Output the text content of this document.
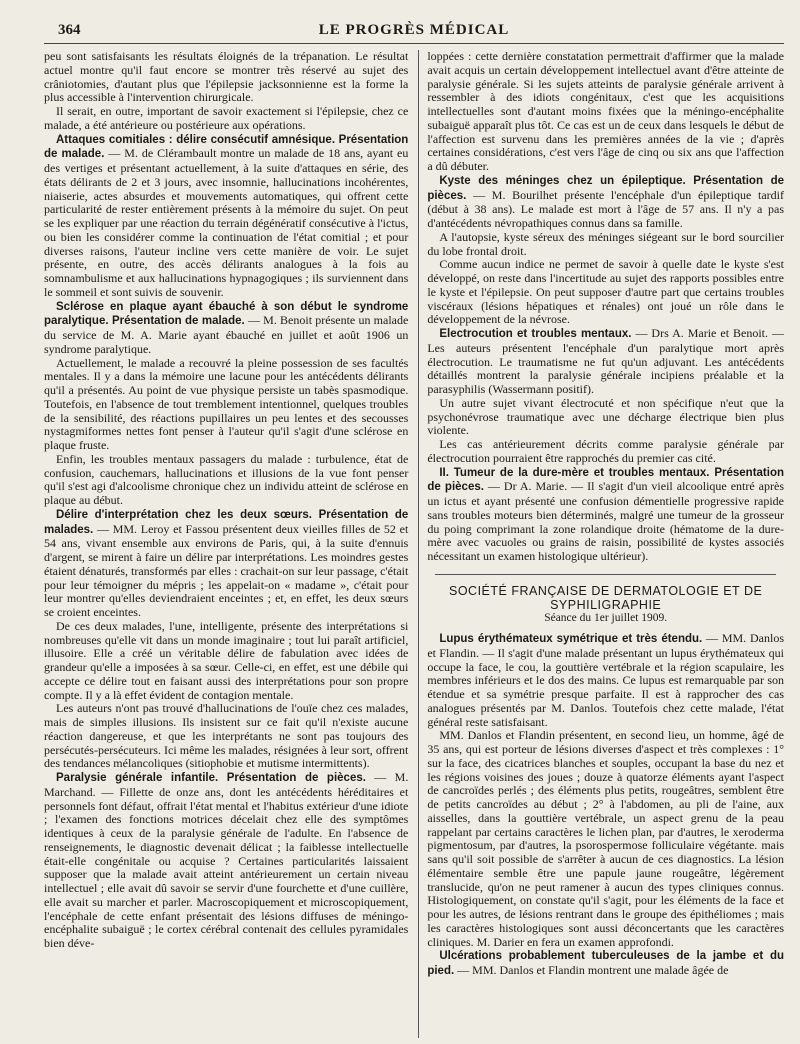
364	LE PROGRÈS MÉDICAL

peu sont satisfaisants les résultats éloignés de la trépanation. Le résultat actuel montre qu'il faut encore se montrer très réservé au sujet des crâniotomies, d'autant plus que l'épilepsie jacksonnienne est la forme la plus accessible à l'intervention chirurgicale.

Il serait, en outre, important de savoir exactement si l'épilepsie, chez ce malade, a été antérieure ou postérieure aux opérations.

Attaques comitiales : délire consécutif amnésique. Présentation de malade. — M. de Clérambault montre un malade de 18 ans, ayant eu des vertiges et présentant actuellement, à la suite d'attaques en série, des états délirants de 2 et 3 jours, avec insomnie, hallucinations incohérentes, niaiserie, actes absurdes et mouvements automatiques, qui offrent cette particularité de rester entièrement présents à la mémoire du sujet. On peut se les expliquer par une réaction du terrain dégénératif consécutive à l'ictus, ou bien les considérer comme la continuation de l'état comitial ; et pour diverses raisons, l'auteur incline vers cette manière de voir. Le sujet présente, en outre, des accès délirants analogues à la fois au somnambulisme et aux hallucinations hypnagogiques ; ils surviennent dans le sommeil et sont suivis de souvenir.

Sclérose en plaque ayant ébauché à son début le syndrome paralytique. Présentation de malade. — M. Benoit présente un malade du service de M. A. Marie ayant ébauché en juillet et août 1906 un syndrome paralytique.

Actuellement, le malade a recouvré la pleine possession de ses facultés mentales. Il y a dans la mémoire une lacune pour les antécédents délirants qu'il a présentés. Au point de vue physique persiste un tabès spasmodique. Toutefois, en l'absence de tout tremblement intentionnel, quelques troubles de la sensibilité, des réactions pupillaires un peu lentes et des secousses nystagmiformes nettes font penser à l'auteur qu'il s'agit d'une sclérose en plaque fruste.

Enfin, les troubles mentaux passagers du malade : turbulence, état de confusion, cauchemars, hallucinations et illusions de la vue font penser qu'il s'est agi d'alcoolisme chronique chez un individu atteint de sclérose en plaque au début.

Délire d'interprétation chez les deux sœurs. Présentation de malades. — MM. Leroy et Fassou présentent deux vieilles filles de 52 et 54 ans, vivant ensemble aux environs de Paris, qui, à la suite d'ennuis d'argent, se mirent à faire un délire par interprétations. Les moindres gestes étaient dénaturés, transformés par elles : crachait-on sur leur passage, c'était pour leur témoigner du mépris ; les appelait-on « madame », c'était pour leur montrer qu'elles deviendraient enceintes ; et, en effet, les deux sœurs se croient enceintes.

De ces deux malades, l'une, intelligente, présente des interprétations si nombreuses qu'elle vit dans un monde imaginaire ; tout lui paraît artificiel, illusoire. Elle a créé un véritable délire de fabulation avec idées de grandeur qu'elle a imposées à sa sœur. Celle-ci, en effet, est une débile qui accepte ce délire tout en faisant aussi des interprétations pour son propre compte. Il y a là effet évident de contagion mentale.

Les auteurs n'ont pas trouvé d'hallucinations de l'ouïe chez ces malades, mais de simples illusions. Ils insistent sur ce fait qu'il n'existe aucune réaction dangereuse, et que les interprétants ne sont pas toujours des persécutés-persécuteurs. Ici même les malades, résignées à leur sort, offrent des tendances mélancoliques (sitiophobie et mutisme intermittents).

Paralysie générale infantile. Présentation de pièces. — M. Marchand. — Fillette de onze ans, dont les antécédents héréditaires et personnels font défaut, offrait l'état mental et l'habitus extérieur d'une idiote ; l'examen des fonctions motrices décelait chez elle des symptômes identiques à ceux de la paralysie générale de l'adulte. En l'absence de renseignements, le diagnostic devenait délicat ; la faiblesse intellectuelle était-elle congénitale ou acquise ? Certaines particularités laissaient supposer que la malade avait atteint antérieurement un certain niveau intellectuel ; elle avait dû savoir se servir d'une fourchette et d'une cuillère, elle avait su marcher et parler. Macroscopiquement et microscopiquement, l'encéphale de cette enfant présentait des lésions diffuses de méningo-encéphalite subaiguë ; le cortex cérébral contenait des cellules pyramidales bien déve-

loppées : cette dernière constatation permettrait d'affirmer que la malade avait acquis un certain développement intellectuel avant d'être atteinte de paralysie générale. Si les sujets atteints de paralysie générale arrivent à ressembler à des idiots congénitaux, c'est que les acquisitions intellectuelles sont d'autant moins fixées que la méningo-encéphalite subaiguë apparaît plus tôt. Ce cas est un de ceux dans lesquels le début de l'affection est survenu dans les premières années de la vie ; d'après certaines considérations, c'est vers l'âge de cinq ou six ans que l'affection a dû débuter.

Kyste des méninges chez un épileptique. Présentation de pièces. — M. Bourilhet présente l'encéphale d'un épileptique tardif (début à 38 ans). Le malade est mort à l'âge de 57 ans. Il n'y a pas d'antécédents névropathiques connus dans sa famille.

A l'autopsie, kyste séreux des méninges siégeant sur le bord sourcilier du lobe frontal droit.

Comme aucun indice ne permet de savoir à quelle date le kyste s'est développé, on reste dans l'incertitude au sujet des rapports possibles entre le kyste et l'épilepsie. On peut supposer d'autre part que certains troubles viscéraux (lésions hépatiques et rénales) ont joué un rôle dans le développement de la névrose.

Electrocution et troubles mentaux. — Drs A. Marie et Benoit. — Les auteurs présentent l'encéphale d'un paralytique mort après électrocution. Le traumatisme ne fut qu'un adjuvant. Les antécédents détaillés montrent la paralysie générale incipiens préalable et la parasyphilis (Wassermann positif).

Un autre sujet vivant électrocuté et non spécifique n'eut que la psychonévrose traumatique avec une décharge électrique bien plus violente.

Les cas antérieurement décrits comme paralysie générale par électrocution pourraient être rapprochés du premier cas cité.

II. Tumeur de la dure-mère et troubles mentaux. Présentation de pièces. — Dr A. Marie. — Il s'agit d'un vieil alcoolique entré après un ictus et ayant présenté une confusion démentielle progressive rapide sans troubles moteurs bien déterminés, malgré une tumeur de la grosseur du poing comprimant la zone rolandique droite (hématome de la dure-mère avec vacuoles ou grains de raisin, possibilité de kystes associés nécessitant un examen histologique ultérieur).

SOCIÉTÉ FRANÇAISE DE DERMATOLOGIE ET DE SYPHILIGRAPHIE
Séance du 1er juillet 1909.

Lupus érythémateux symétrique et très étendu. — MM. Danlos et Flandin. — Il s'agit d'une malade présentant un lupus érythémateux qui occupe la face, le cou, la gouttière vertébrale et la région scapulaire, les membres inférieurs et le dos des mains. Ce lupus est remarquable par son étendue et sa symétrie presque parfaite. Il est à rapprocher des cas analogues présentés par M. Danlos. Toutefois chez cette malade, l'état général reste satisfaisant.

MM. Danlos et Flandin présentent, en second lieu, un homme, âgé de 35 ans, qui est porteur de lésions diverses d'aspect et très complexes : 1° sur la face, des cicatrices blanches et souples, occupant la base du nez et les régions voisines des joues ; douze à quatorze éléments ayant l'aspect de cancroïdes perlés ; des éléments plus petits, rougeâtres, semblent être de petits cancroïdes au début ; 2° à l'abdomen, au pli de l'aine, aux aisselles, dans la gouttière vertébrale, un aspect grenu de la peau rappelant par certains caractères le lichen plan, par d'autres, le xeroderma pigmentosum, par d'autres, la psorospermose folliculaire végétante. mais sans qu'il soit possible de s'arrêter à aucun de ces diagnostics. La lésion élémentaire semble être une papule jaune rougeâtre, légèrement translucide, qu'on ne peut ramener à aucun des types cliniques connus. Histologiquement, on constate qu'il s'agit, pour les éléments de la face et pour les autres, de lésions rentrant dans le groupe des épithéliomes ; mais les caractères histologiques sont aussi déconcertants que les caractères cliniques. M. Darier en fera un examen approfondi.

Ulcérations probablement tuberculeuses de la jambe et du pied. — MM. Danlos et Flandin montrent une malade âgée de
